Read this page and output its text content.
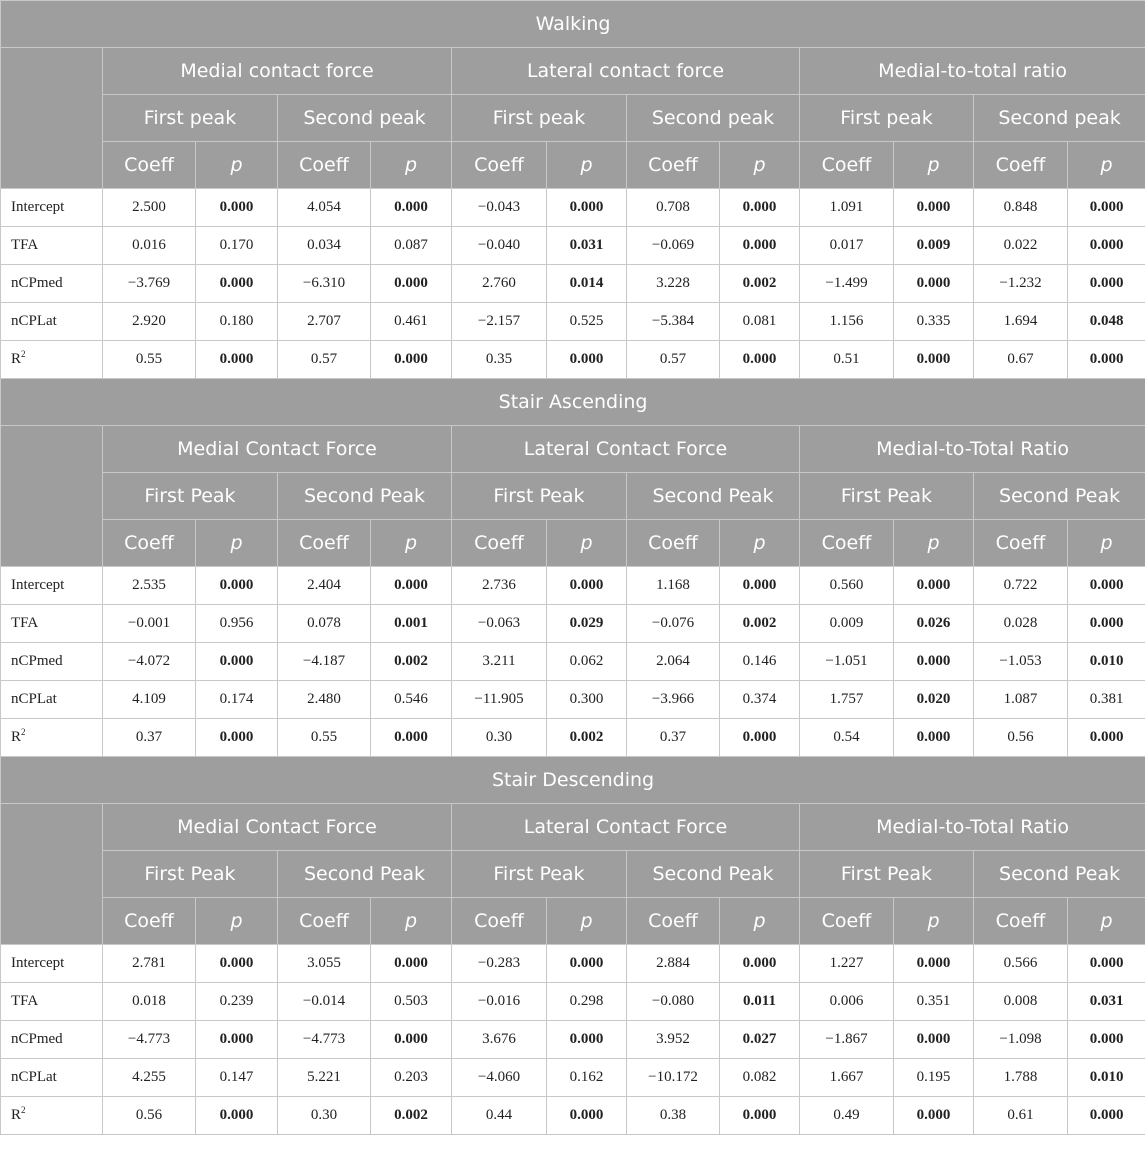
Walking												
	Medial contact force				Lateral contact force				Medial-to-total ratio			
	First peak		Second peak		First peak		Second peak		First peak		Second peak	
	Coeff	p	Coeff	p	Coeff	p	Coeff	p	Coeff	p	Coeff	p
Intercept	2.500	0.000	4.054	0.000	−0.043	0.000	0.708	0.000	1.091	0.000	0.848	0.000
TFA	0.016	0.170	0.034	0.087	−0.040	0.031	−0.069	0.000	0.017	0.009	0.022	0.000
nCPmed	−3.769	0.000	−6.310	0.000	2.760	0.014	3.228	0.002	−1.499	0.000	−1.232	0.000
nCPLat	2.920	0.180	2.707	0.461	−2.157	0.525	−5.384	0.081	1.156	0.335	1.694	0.048
$R^2$	0.55	0.000	0.57	0.000	0.35	0.000	0.57	0.000	0.51	0.000	0.67	0.000
Stair Ascending												
	Medial Contact Force				Lateral Contact Force				Medial-to-Total Ratio			
	First Peak		Second Peak		First Peak		Second Peak		First Peak		Second Peak	
	Coeff	p	Coeff	p	Coeff	p	Coeff	p	Coeff	p	Coeff	p
Intercept	2.535	0.000	2.404	0.000	2.736	0.000	1.168	0.000	0.560	0.000	0.722	0.000
TFA	−0.001	0.956	0.078	0.001	−0.063	0.029	−0.076	0.002	0.009	0.026	0.028	0.000
nCPmed	−4.072	0.000	−4.187	0.002	3.211	0.062	2.064	0.146	−1.051	0.000	−1.053	0.010
nCPLat	4.109	0.174	2.480	0.546	−11.905	0.300	−3.966	0.374	1.757	0.020	1.087	0.381
$R^2$	0.37	0.000	0.55	0.000	0.30	0.002	0.37	0.000	0.54	0.000	0.56	0.000
Stair Descending												
	Medial Contact Force				Lateral Contact Force				Medial-to-Total Ratio			
	First Peak		Second Peak		First Peak		Second Peak		First Peak		Second Peak	
	Coeff	p	Coeff	p	Coeff	p	Coeff	p	Coeff	p	Coeff	p
Intercept	2.781	0.000	3.055	0.000	−0.283	0.000	2.884	0.000	1.227	0.000	0.566	0.000
TFA	0.018	0.239	−0.014	0.503	−0.016	0.298	−0.080	0.011	0.006	0.351	0.008	0.031
nCPmed	−4.773	0.000	−4.773	0.000	3.676	0.000	3.952	0.027	−1.867	0.000	−1.098	0.000
nCPLat	4.255	0.147	5.221	0.203	−4.060	0.162	−10.172	0.082	1.667	0.195	1.788	0.010
$R^2$	0.56	0.000	0.30	0.002	0.44	0.000	0.38	0.000	0.49	0.000	0.61	0.000
